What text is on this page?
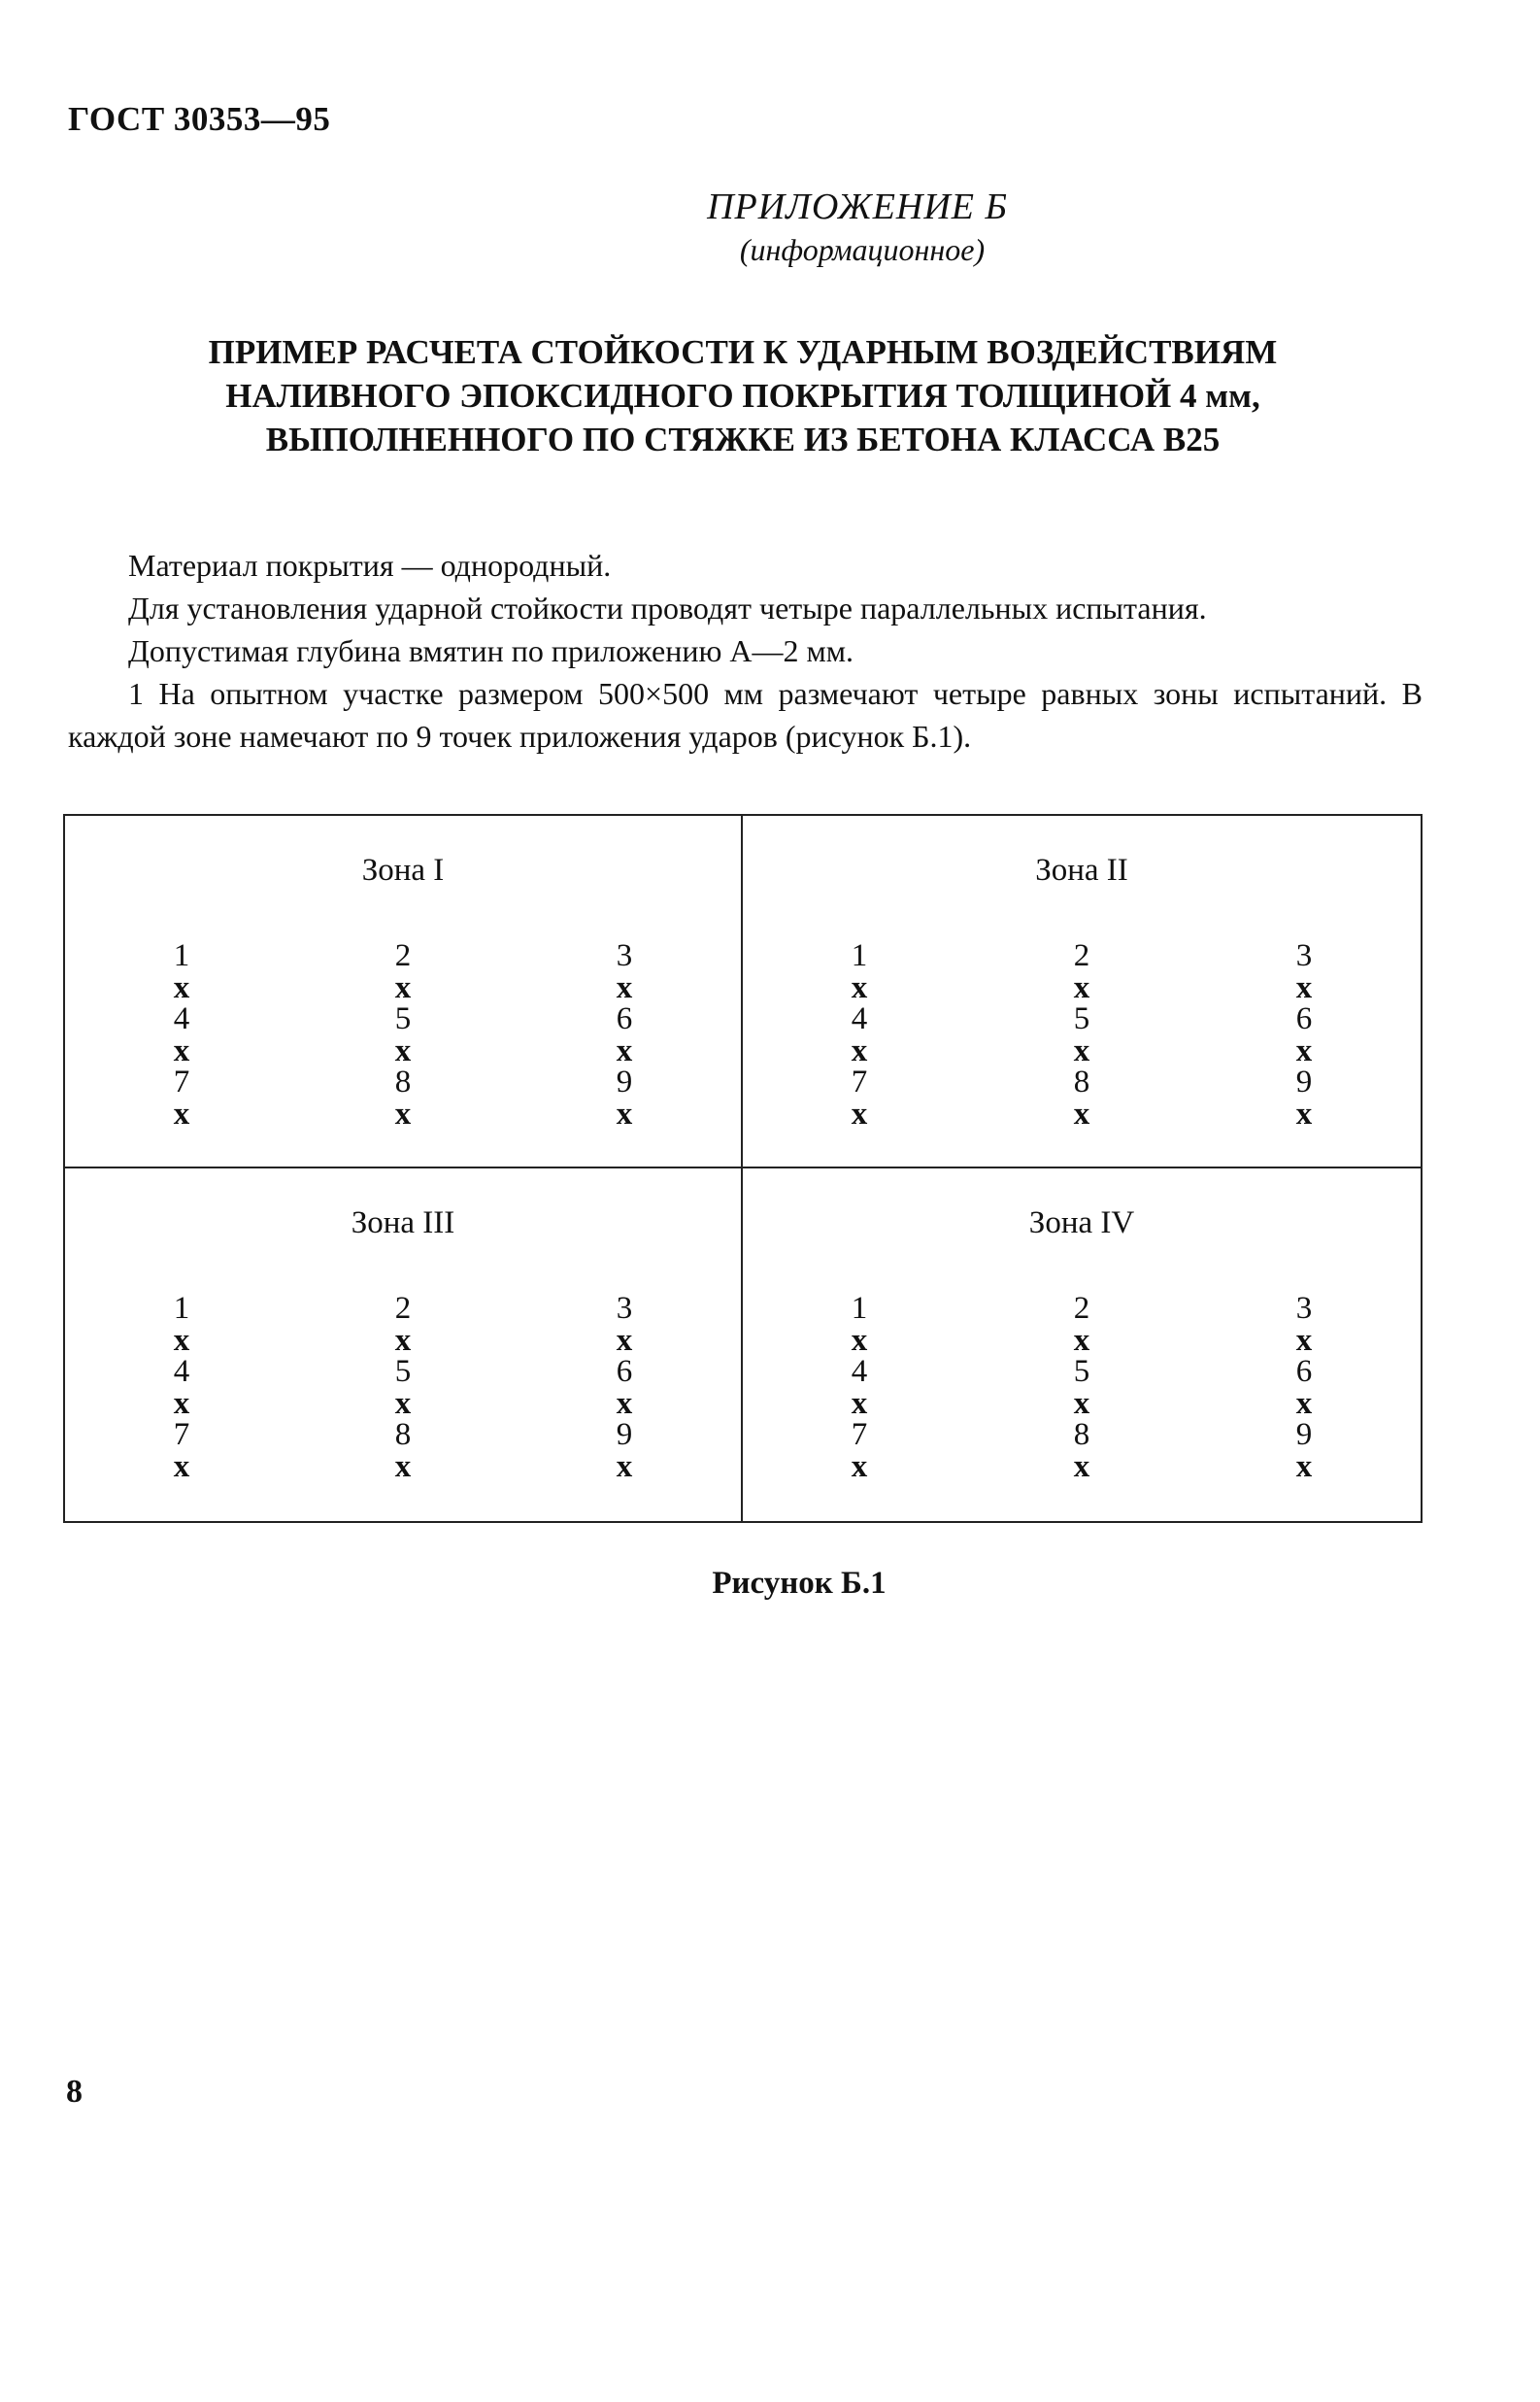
ГОСТ 30353—95
ПРИЛОЖЕНИЕ Б
(информационное)
ПРИМЕР РАСЧЕТА СТОЙКОСТИ К УДАРНЫМ ВОЗДЕЙСТВИЯМ
НАЛИВНОГО ЭПОКСИДНОГО ПОКРЫТИЯ ТОЛЩИНОЙ 4 мм,
ВЫПОЛНЕННОГО ПО СТЯЖКЕ ИЗ БЕТОНА КЛАССА В25

Материал покрытия — однородный.

Для установления ударной стойкости проводят четыре параллельных испытания.

Допустимая глубина вмятин по приложению А—2 мм.

1 На опытном участке размером 500×500 мм размечают четыре равных зоны испытаний. В каждой зоне намечают по 9 точек приложения ударов (рисунок Б.1).

Зона I
1
x
4
x
7
x
2
x
5
x
8
x
3
x
6
x
9
x
Зона II
1
x
4
x
7
x
2
x
5
x
8
x
3
x
6
x
9
x
Зона III
1
x
4
x
7
x
2
x
5
x
8
x
3
x
6
x
9
x
Зона IV
1
x
4
x
7
x
2
x
5
x
8
x
3
x
6
x
9
x
Рисунок Б.1
8
